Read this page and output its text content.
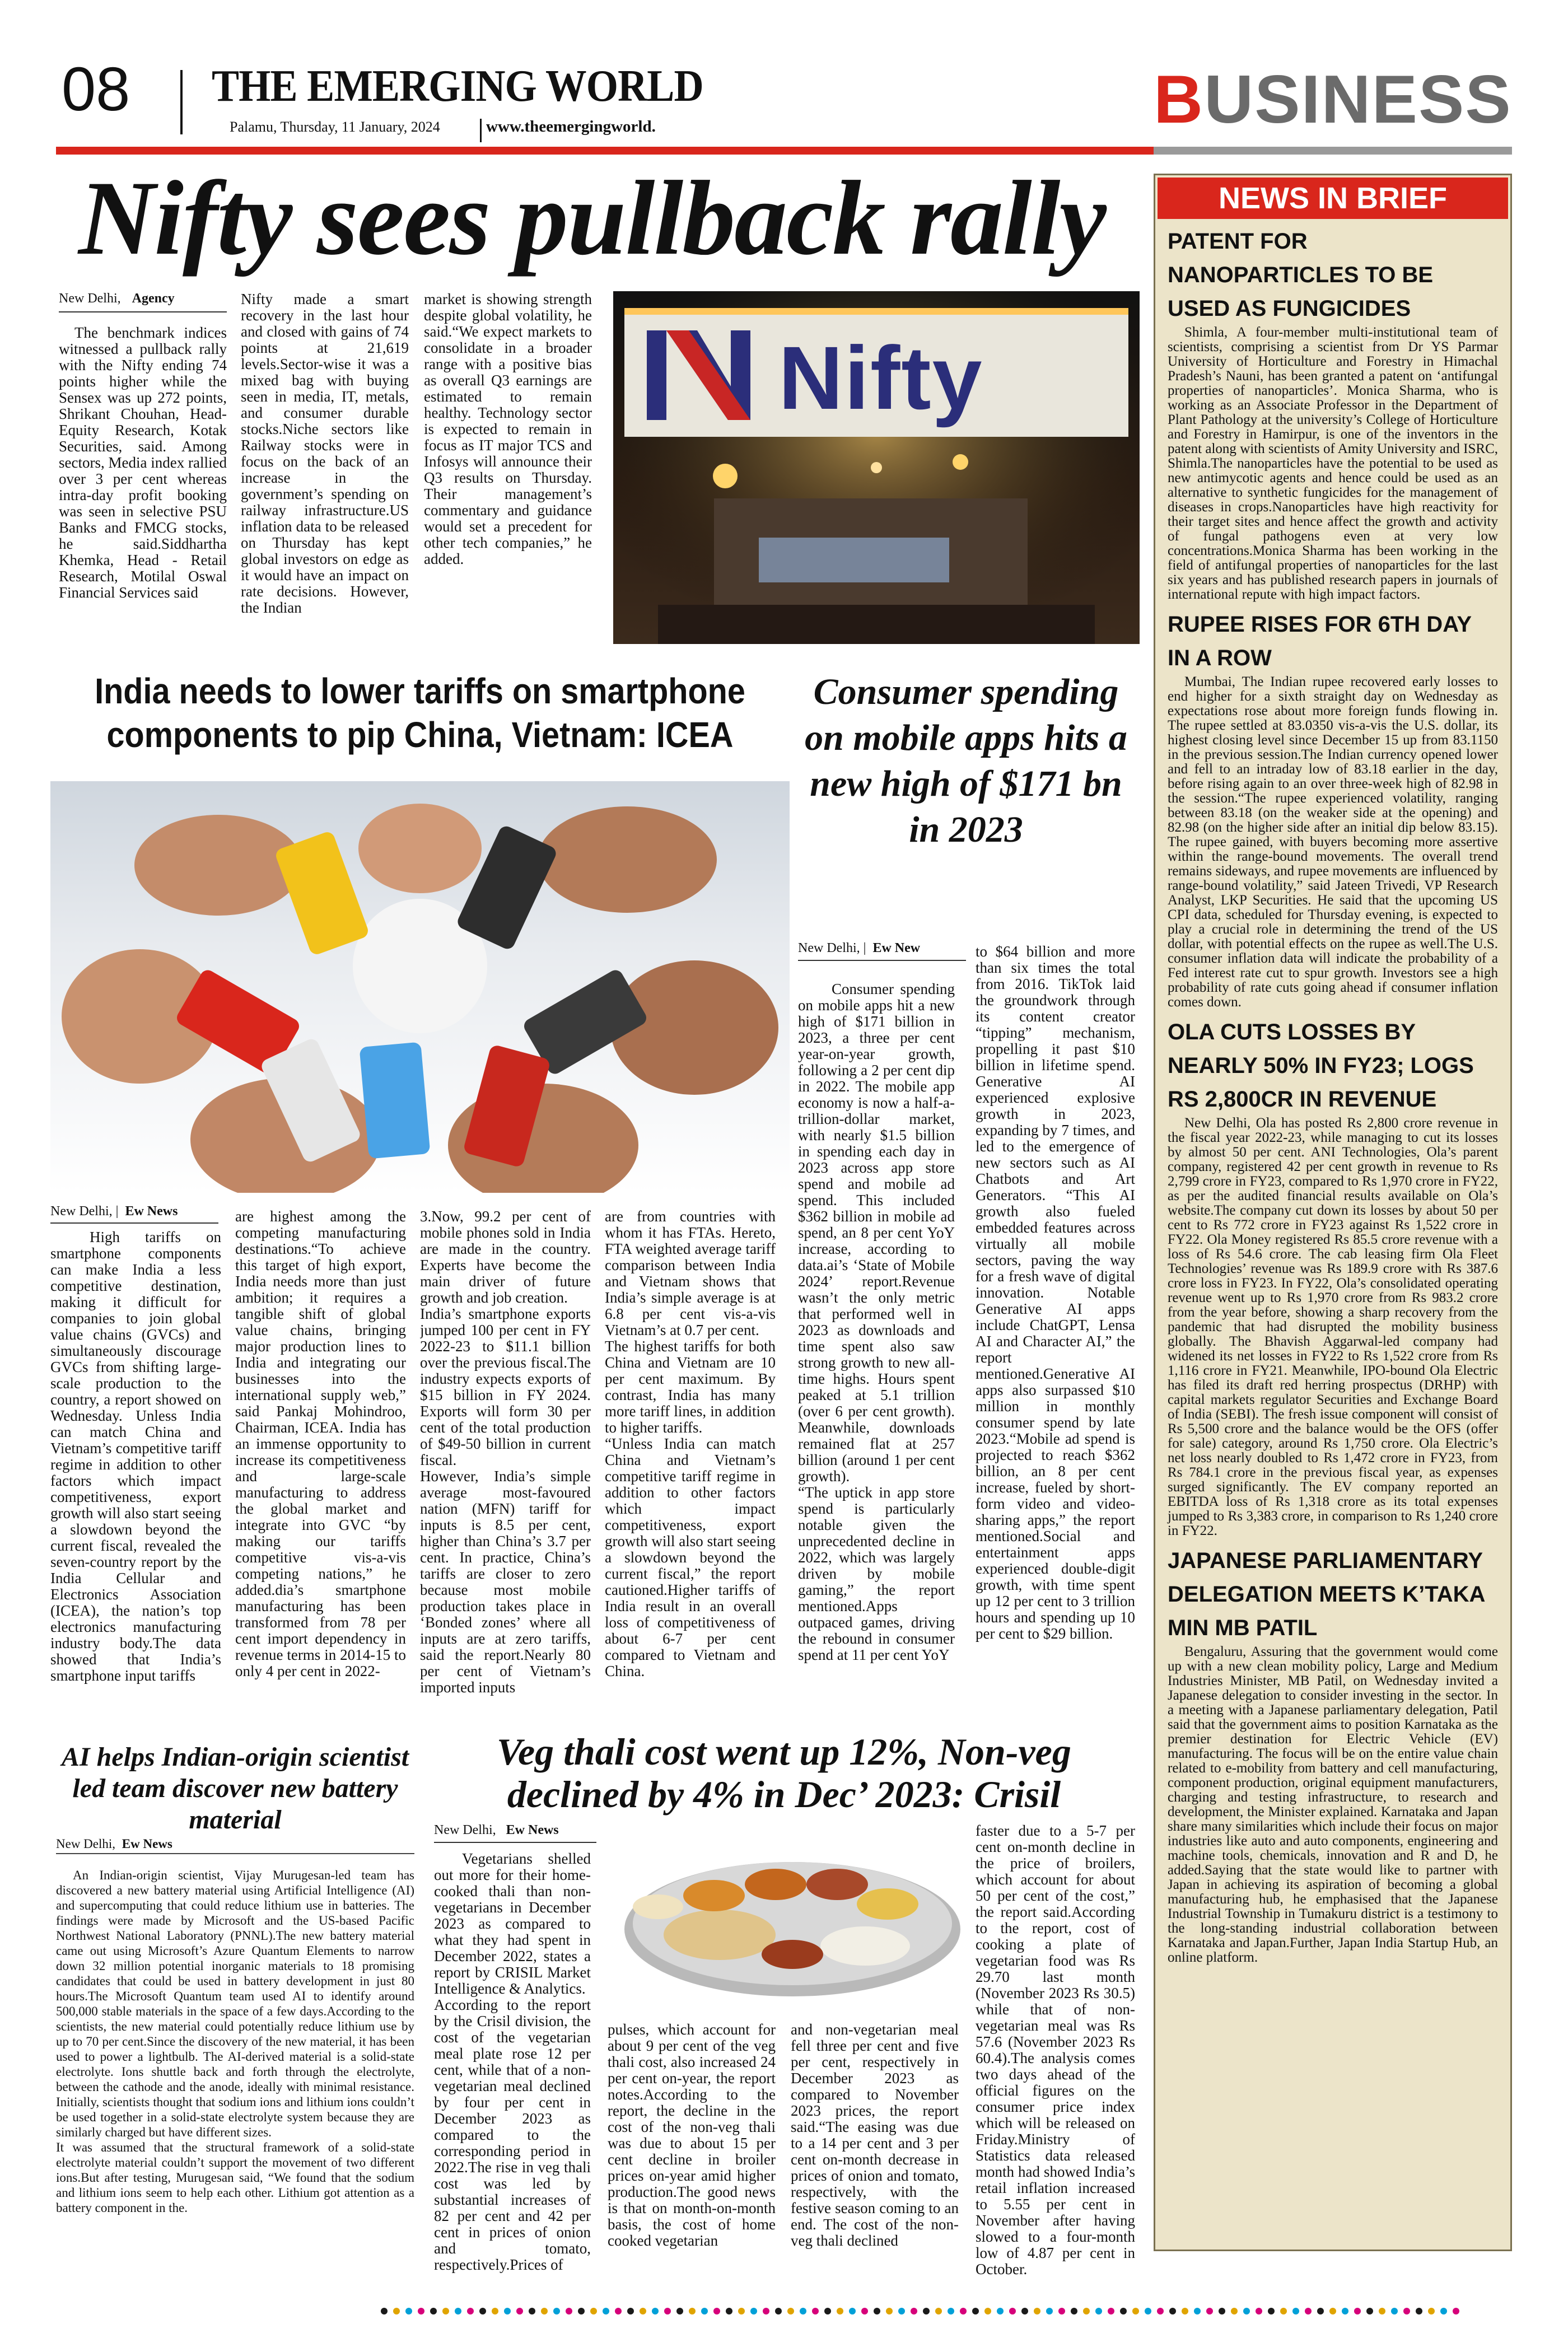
08 THE EMERGING WORLD
Palamu, Thursday, 11 January, 2024	www.theemergingworld.	BUSINESS
Nifty sees pullback rally
New Delhi, Agency

The benchmark indices witnessed a pullback rally with the Nifty ending 74 points higher while the Sensex was up 272 points, Shrikant Chouhan, Head-Equity Research, Kotak Securities, said. Among sectors, Media index rallied over 3 per cent whereas intra-day profit booking was seen in selective PSU Banks and FMCG stocks, he said.Siddhartha Khemka, Head - Retail Research, Motilal Oswal Financial Services said

Nifty made a smart recovery in the last hour and closed with gains of 74 points at 21,619 levels.Sector-wise it was a mixed bag with buying seen in media, IT, metals, and consumer durable stocks.Niche sectors like Railway stocks were in focus on the back of an increase in the government’s spending on railway infrastructure.US inflation data to be released on Thursday has kept global investors on edge as it would have an impact on rate decisions. However, the Indian

market is showing strength despite global volatility, he said.“We expect markets to consolidate in a broader range with a positive bias as overall Q3 earnings are estimated to remain healthy. Technology sector is expected to remain in focus as IT major TCS and Infosys will announce their Q3 results on Thursday. Their management’s commentary and guidance would set a precedent for other tech companies,” he added.

Nifty
India needs to lower tariffs on smartphone
components to pip China, Vietnam: ICEA
New Delhi, | Ew News

High tariffs on smartphone components can make India a less competitive destination, making it difficult for companies to join global value chains (GVCs) and simultaneously discourage GVCs from shifting large-scale production to the country, a report showed on Wednesday. Unless India can match China and Vietnam’s competitive tariff regime in addition to other factors which impact competitiveness, export growth will also start seeing a slowdown beyond the current fiscal, revealed the seven-country report by the India Cellular and Electronics Association (ICEA), the nation’s top electronics manufacturing industry body.The data showed that India’s smartphone input tariffs

are highest among the competing manufacturing destinations.“To achieve this target of high export, India needs more than just ambition; it requires a tangible shift of global value chains, bringing major production lines to India and integrating our businesses into the international supply web,” said Pankaj Mohindroo, Chairman, ICEA. India has an immense opportunity to increase its competitiveness and large-scale manufacturing to address the global market and integrate into GVC “by making our tariffs competitive vis-a-vis competing nations,” he added.dia’s smartphone manufacturing has been transformed from 78 per cent import dependency in revenue terms in 2014-15 to only 4 per cent in 2022-

3.Now, 99.2 per cent of mobile phones sold in India are made in the country. Experts have become the main driver of future growth and job creation.
India’s smartphone exports jumped 100 per cent in FY 2022-23 to $11.1 billion over the previous fiscal.The industry expects exports of $15 billion in FY 2024. Exports will form 30 per cent of the total production of $49-50 billion in current fiscal.
However, India’s simple average most-favoured nation (MFN) tariff for inputs is 8.5 per cent, higher than China’s 3.7 per cent. In practice, China’s tariffs are closer to zero because most mobile production takes place in ‘Bonded zones’ where all inputs are at zero tariffs, said the report.Nearly 80 per cent of Vietnam’s imported inputs

are from countries with whom it has FTAs. Hereto, FTA weighted average tariff comparison between India and Vietnam shows that India’s simple average is at 6.8 per cent vis-a-vis Vietnam’s at 0.7 per cent.
The highest tariffs for both China and Vietnam are 10 per cent maximum. By contrast, India has many more tariff lines, in addition to higher tariffs.
“Unless India can match China and Vietnam’s competitive tariff regime in addition to other factors which impact competitiveness, export growth will also start seeing a slowdown beyond the current fiscal,” the report cautioned.Higher tariffs of India result in an overall loss of competitiveness of about 6-7 per cent compared to Vietnam and China.

Consumer spending on mobile apps hits a new high of $171 bn in 2023
New Delhi, | Ew New

Consumer spending on mobile apps hit a new high of $171 billion in 2023, a three per cent year-on-year growth, following a 2 per cent dip in 2022. The mobile app economy is now a half-a-trillion-dollar market, with nearly $1.5 billion in spending each day in 2023 across app store spend and mobile ad spend. This included $362 billion in mobile ad spend, an 8 per cent YoY increase, according to data.ai’s ‘State of Mobile 2024’ report.Revenue wasn’t the only metric that performed well in 2023 as downloads and time spent also saw strong growth to new all-time highs. Hours spent peaked at 5.1 trillion (over 6 per cent growth). Meanwhile, downloads remained flat at 257 billion (around 1 per cent growth).
“The uptick in app store spend is particularly notable given the unprecedented decline in 2022, which was largely driven by mobile gaming,” the report mentioned.Apps outpaced games, driving the rebound in consumer spend at 11 per cent YoY

to $64 billion and more than six times the total from 2016. TikTok laid the groundwork through its content creator “tipping” mechanism, propelling it past $10 billion in lifetime spend. Generative AI experienced explosive growth in 2023, expanding by 7 times, and led to the emergence of new sectors such as AI Chatbots and Art Generators. “This AI growth also fueled embedded features across virtually all mobile sectors, paving the way for a fresh wave of digital innovation. Notable Generative AI apps include ChatGPT, Lensa AI and Character AI,” the report mentioned.Generative AI apps also surpassed $10 million in monthly consumer spend by late 2023.“Mobile ad spend is projected to reach $362 billion, an 8 per cent increase, fueled by short-form video and video-sharing apps,” the report mentioned.Social and entertainment apps experienced double-digit growth, with time spent up 12 per cent to 3 trillion hours and spending up 10 per cent to $29 billion.

AI helps Indian-origin scientist led team discover new battery material
New Delhi, Ew News

An Indian-origin scientist, Vijay Murugesan-led team has discovered a new battery material using Artificial Intelligence (AI) and supercomputing that could reduce lithium use in batteries. The findings were made by Microsoft and the US-based Pacific Northwest National Laboratory (PNNL).The new battery material came out using Microsoft’s Azure Quantum Elements to narrow down 32 million potential inorganic materials to 18 promising candidates that could be used in battery development in just 80 hours.The Microsoft Quantum team used AI to identify around 500,000 stable materials in the space of a few days.According to the scientists, the new material could potentially reduce lithium use by up to 70 per cent.Since the discovery of the new material, it has been used to power a lightbulb. The AI-derived material is a solid-state electrolyte. Ions shuttle back and forth through the electrolyte, between the cathode and the anode, ideally with minimal resistance. Initially, scientists thought that sodium ions and lithium ions couldn’t be used together in a solid-state electrolyte system because they are similarly charged but have different sizes.
It was assumed that the structural framework of a solid-state electrolyte material couldn’t support the movement of two different ions.But after testing, Murugesan said, “We found that the sodium and lithium ions seem to help each other. Lithium got attention as a battery component in the.

Veg thali cost went up 12%, Non-veg declined by 4% in Dec’ 2023: Crisil
New Delhi, Ew News

Vegetarians shelled out more for their home-cooked thali than non-vegetarians in December 2023 as compared to what they had spent in December 2022, states a report by CRISIL Market Intelligence & Analytics.
According to the report by the Crisil division, the cost of the vegetarian meal plate rose 12 per cent, while that of a non-vegetarian meal declined by four per cent in December 2023 as compared to the corresponding period in 2022.The rise in veg thali cost was led by substantial increases of 82 per cent and 42 per cent in prices of onion and tomato, respectively.Prices of

pulses, which account for about 9 per cent of the veg thali cost, also increased 24 per cent on-year, the report notes.According to the report, the decline in the cost of the non-veg thali was due to about 15 per cent decline in broiler prices on-year amid higher production.The good news is that on month-on-month basis, the cost of home cooked vegetarian

and non-vegetarian meal fell three per cent and five per cent, respectively in December 2023 as compared to November 2023 prices, the report said.“The easing was due to a 14 per cent and 3 per cent on-month decrease in prices of onion and tomato, respectively, with the festive season coming to an end. The cost of the non-veg thali declined

faster due to a 5-7 per cent on-month decline in the price of broilers, which account for about 50 per cent of the cost,” the report said.According to the report, cost of cooking a plate of vegetarian food was Rs 29.70 last month (November 2023 Rs 30.5) while that of non-vegetarian meal was Rs 57.6 (November 2023 Rs 60.4).The analysis comes two days ahead of the official figures on the consumer price index which will be released on Friday.Ministry of Statistics data released month had showed India’s retail inflation increased to 5.55 per cent in November after having slowed to a four-month low of 4.87 per cent in October.

NEWS IN BRIEF

PATENT FOR NANOPARTICLES TO BE USED AS FUNGICIDES

Shimla, A four-member multi-institutional team of scientists, comprising a scientist from Dr YS Parmar University of Horticulture and Forestry in Himachal Pradesh’s Nauni, has been granted a patent on ‘antifungal properties of nanoparticles’. Monica Sharma, who is working as an Associate Professor in the Department of Plant Pathology at the university’s College of Horticulture and Forestry in Hamirpur, is one of the inventors in the patent along with scientists of Amity University and ISRC, Shimla.The nanoparticles have the potential to be used as new antimycotic agents and hence could be used as an alternative to synthetic fungicides for the management of diseases in crops.Nanoparticles have high reactivity for their target sites and hence affect the growth and activity of fungal pathogens even at very low concentrations.Monica Sharma has been working in the field of antifungal properties of nanoparticles for the last six years and has published research papers in journals of international repute with high impact factors.

RUPEE RISES FOR 6TH DAY IN A ROW

Mumbai, The Indian rupee recovered early losses to end higher for a sixth straight day on Wednesday as expectations rose about more foreign funds flowing in. The rupee settled at 83.0350 vis-a-vis the U.S. dollar, its highest closing level since December 15 up from 83.1150 in the previous session.The Indian currency opened lower and fell to an intraday low of 83.18 earlier in the day, before rising again to an over three-week high of 82.98 in the session.“The rupee experienced volatility, ranging between 83.18 (on the weaker side at the opening) and 82.98 (on the higher side after an initial dip below 83.15). The rupee gained, with buyers becoming more assertive within the range-bound movements. The overall trend remains sideways, and rupee movements are influenced by range-bound volatility,” said Jateen Trivedi, VP Research Analyst, LKP Securities. He said that the upcoming US CPI data, scheduled for Thursday evening, is expected to play a crucial role in determining the trend of the US dollar, with potential effects on the rupee as well.The U.S. consumer inflation data will indicate the probability of a Fed interest rate cut to spur growth. Investors see a high probability of rate cuts going ahead if consumer inflation comes down.

OLA CUTS LOSSES BY NEARLY 50% IN FY23; LOGS RS 2,800CR IN REVENUE

New Delhi, Ola has posted Rs 2,800 crore revenue in the fiscal year 2022-23, while managing to cut its losses by almost 50 per cent. ANI Technologies, Ola’s parent company, registered 42 per cent growth in revenue to Rs 2,799 crore in FY23, compared to Rs 1,970 crore in FY22, as per the audited financial results available on Ola’s website.The company cut down its losses by about 50 per cent to Rs 772 crore in FY23 against Rs 1,522 crore in FY22. Ola Money registered Rs 85.5 crore revenue with a loss of Rs 54.6 crore. The cab leasing firm Ola Fleet Technologies’ revenue was Rs 189.9 crore with Rs 387.6 crore loss in FY23. In FY22, Ola’s consolidated operating revenue went up to Rs 1,970 crore from Rs 983.2 crore from the year before, showing a sharp recovery from the pandemic that had disrupted the mobility business globally. The Bhavish Aggarwal-led company had widened its net losses in FY22 to Rs 1,522 crore from Rs 1,116 crore in FY21. Meanwhile, IPO-bound Ola Electric has filed its draft red herring prospectus (DRHP) with capital markets regulator Securities and Exchange Board of India (SEBI). The fresh issue component will consist of Rs 5,500 crore and the balance would be the OFS (offer for sale) category, around Rs 1,750 crore. Ola Electric’s net loss nearly doubled to Rs 1,472 crore in FY23, from Rs 784.1 crore in the previous fiscal year, as expenses surged significantly. The EV company reported an EBITDA loss of Rs 1,318 crore as its total expenses jumped to Rs 3,383 crore, in comparison to Rs 1,240 crore in FY22.

JAPANESE PARLIAMENTARY DELEGATION MEETS K’TAKA MIN MB PATIL

Bengaluru, Assuring that the government would come up with a new clean mobility policy, Large and Medium Industries Minister, MB Patil, on Wednesday invited a Japanese delegation to consider investing in the sector. In a meeting with a Japanese parliamentary delegation, Patil said that the government aims to position Karnataka as the premier destination for Electric Vehicle (EV) manufacturing. The focus will be on the entire value chain related to e-mobility from battery and cell manufacturing, component production, original equipment manufacturers, charging and testing infrastructure, to research and development, the Minister explained. Karnataka and Japan share many similarities which include their focus on major industries like auto and auto components, engineering and machine tools, chemicals, innovation and R and D, he added.Saying that the state would like to partner with Japan in achieving its aspiration of becoming a global manufacturing hub, he emphasised that the Japanese Industrial Township in Tumakuru district is a testimony to the long-standing industrial collaboration between Karnataka and Japan.Further, Japan India Startup Hub, an online platform.
